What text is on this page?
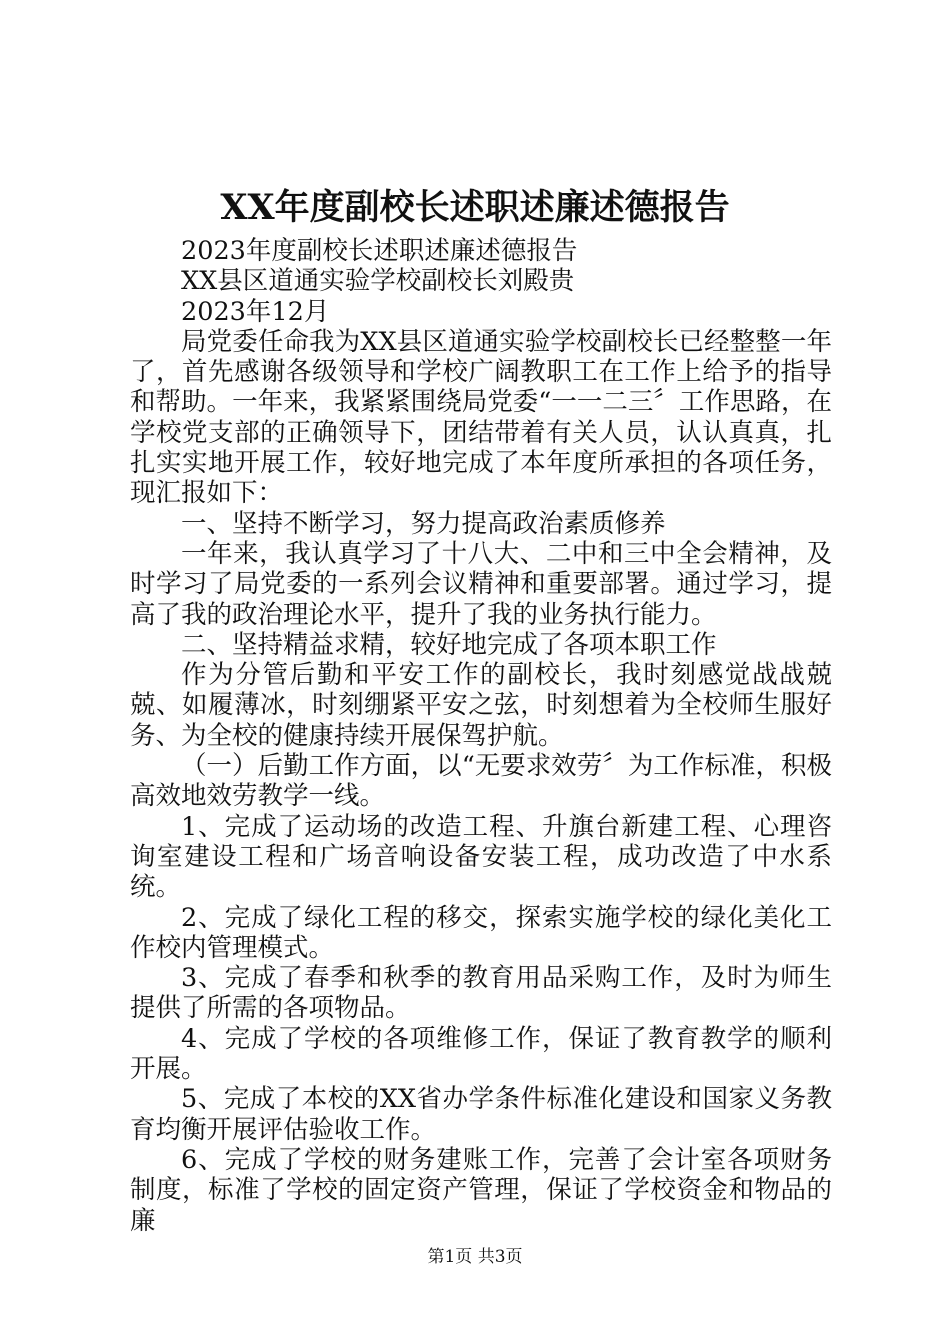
XX年度副校长述职述廉述德报告

2023年度副校长述职述廉述德报告

XX县区道通实验学校副校长刘殿贵

2023年12月

局党委任命我为XX县区道通实验学校副校长已经整整一年了，首先感谢各级领导和学校广阔教职工在工作上给予的指导和帮助。一年来，我紧紧围绕局党委“一一二三〞工作思路，在学校党支部的正确领导下，团结带着有关人员，认认真真，扎扎实实地开展工作，较好地完成了本年度所承担的各项任务，现汇报如下：

一、坚持不断学习，努力提高政治素质修养

一年来，我认真学习了十八大、二中和三中全会精神，及时学习了局党委的一系列会议精神和重要部署。通过学习，提高了我的政治理论水平，提升了我的业务执行能力。

二、坚持精益求精，较好地完成了各项本职工作

作为分管后勤和平安工作的副校长，我时刻感觉战战兢兢、如履薄冰，时刻绷紧平安之弦，时刻想着为全校师生服好务、为全校的健康持续开展保驾护航。

（一）后勤工作方面，以“无要求效劳〞为工作标准，积极高效地效劳教学一线。

1、完成了运动场的改造工程、升旗台新建工程、心理咨询室建设工程和广场音响设备安装工程，成功改造了中水系统。

2、完成了绿化工程的移交，探索实施学校的绿化美化工作校内管理模式。

3、完成了春季和秋季的教育用品采购工作，及时为师生提供了所需的各项物品。

4、完成了学校的各项维修工作，保证了教育教学的顺利开展。

5、完成了本校的XX省办学条件标准化建设和国家义务教育均衡开展评估验收工作。

6、完成了学校的财务建账工作，完善了会计室各项财务制度，标准了学校的固定资产管理，保证了学校资金和物品的廉

第1页 共3页
